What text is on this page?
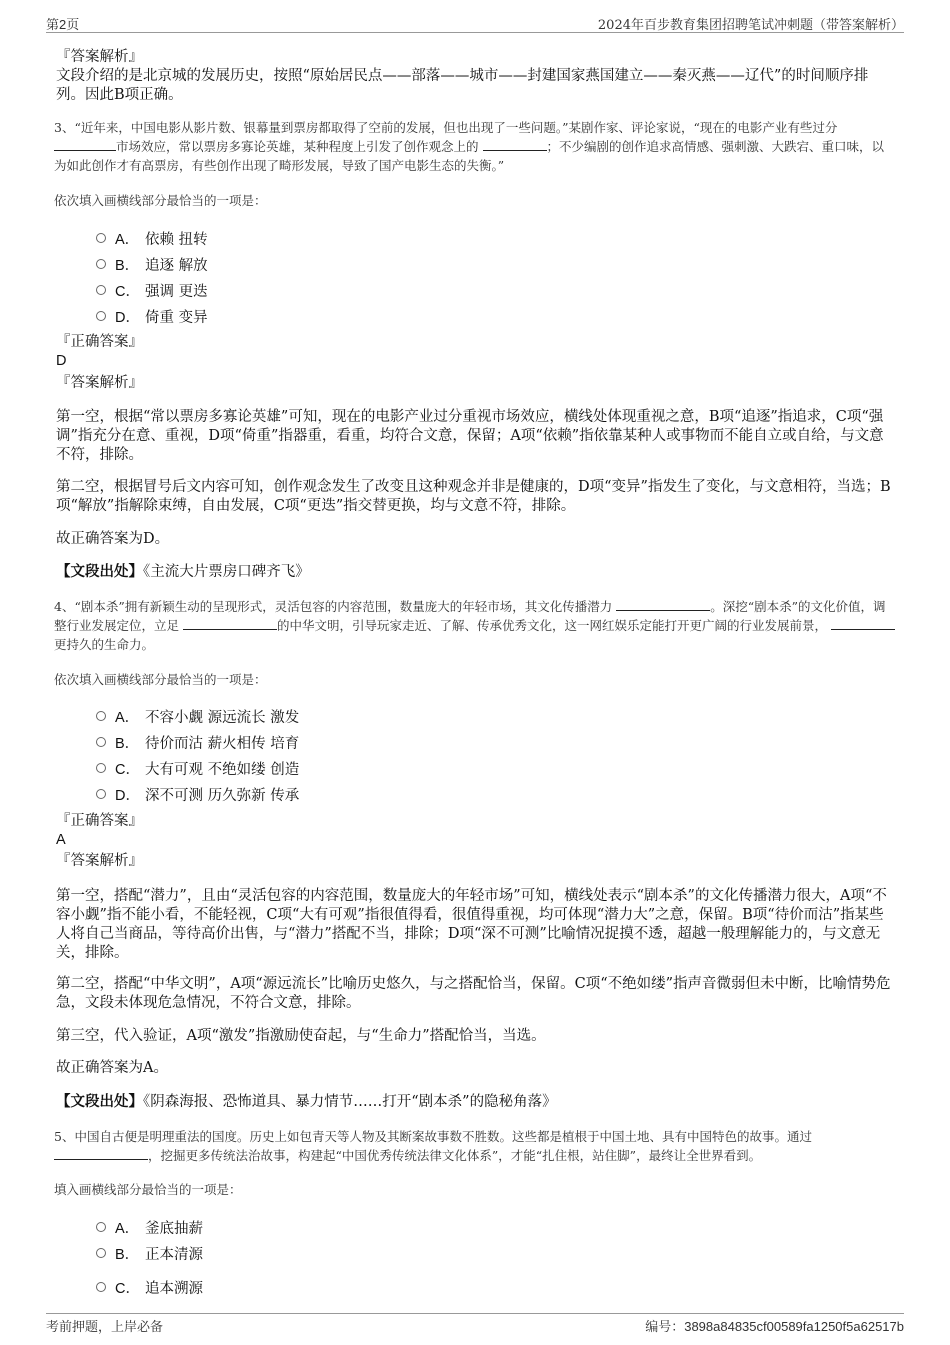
第2页	2024年百步教育集团招聘笔试冲刺题（带答案解析）
『答案解析』

文段介绍的是北京城的发展历史，按照“原始居民点——部落——城市——封建国家燕国建立——秦灭燕——辽代”的时间顺序排列。因此B项正确。

3、“近年来，中国电影从影片数、银幕量到票房都取得了空前的发展，但也出现了一些问题。”某剧作家、评论家说，“现在的电影产业有些过分 市场效应，常以票房多寡论英雄，某种程度上引发了创作观念上的	；不少编剧的创作追求高情感、强刺激、大跌宕、重口味，以为如此创作才有高票房，有些创作出现了畸形发展，导致了国产电影生态的失衡。”

依次填入画横线部分最恰当的一项是：
A． 依赖 扭转
B． 追逐 解放
C． 强调 更迭
D． 倚重 变异
『正确答案』
D
『答案解析』

第一空，根据“常以票房多寡论英雄”可知，现在的电影产业过分重视市场效应，横线处体现重视之意，B项“追逐”指追求，C项“强调”指充分在意、重视，D项“倚重”指器重，看重，均符合文意，保留；A项“依赖”指依靠某种人或事物而不能自立或自给，与文意不符，排除。

第二空，根据冒号后文内容可知，创作观念发生了改变且这种观念并非是健康的，D项“变异”指发生了变化，与文意相符，当选；B项“解放”指解除束缚，自由发展，C项“更迭”指交替更换，均与文意不符，排除。

故正确答案为D。

【文段出处】《主流大片票房口碑齐飞》

4、“剧本杀”拥有新颖生动的呈现形式，灵活包容的内容范围，数量庞大的年轻市场，其文化传播潜力	。深挖“剧本杀”的文化价值，调整行业发展定位，立足	的中华文明，引导玩家走近、了解、传承优秀文化，这一网红娱乐定能打开更广阔的行业发展前景， 更持久的生命力。

依次填入画横线部分最恰当的一项是：
A． 不容小觑 源远流长 激发
B． 待价而沽 薪火相传 培育
C． 大有可观 不绝如缕 创造
D． 深不可测 历久弥新 传承
『正确答案』
A
『答案解析』

第一空，搭配“潜力”，且由“灵活包容的内容范围，数量庞大的年轻市场”可知，横线处表示“剧本杀”的文化传播潜力很大，A项“不容小觑”指不能小看，不能轻视，C项“大有可观”指很值得看，很值得重视，均可体现“潜力大”之意，保留。B项“待价而沽”指某些人将自己当商品，等待高价出售，与“潜力”搭配不当，排除；D项“深不可测”比喻情况捉摸不透，超越一般理解能力的，与文意无关，排除。

第二空，搭配“中华文明”，A项“源远流长”比喻历史悠久，与之搭配恰当，保留。C项“不绝如缕”指声音微弱但未中断，比喻情势危急，文段未体现危急情况，不符合文意，排除。

第三空，代入验证，A项“激发”指激励使奋起，与“生命力”搭配恰当，当选。

故正确答案为A。

【文段出处】《阴森海报、恐怖道具、暴力情节……打开“剧本杀”的隐秘角落》

5、中国自古便是明理重法的国度。历史上如包青天等人物及其断案故事数不胜数。这些都是植根于中国土地、具有中国特色的故事。通过 ，挖掘更多传统法治故事，构建起“中国优秀传统法律文化体系”，才能“扎住根，站住脚”，最终让全世界看到。

填入画横线部分最恰当的一项是：
A． 釜底抽薪
B． 正本清源
C． 追本溯源
考前押题，上岸必备	编号：3898a84835cf00589fa1250f5a62517b
